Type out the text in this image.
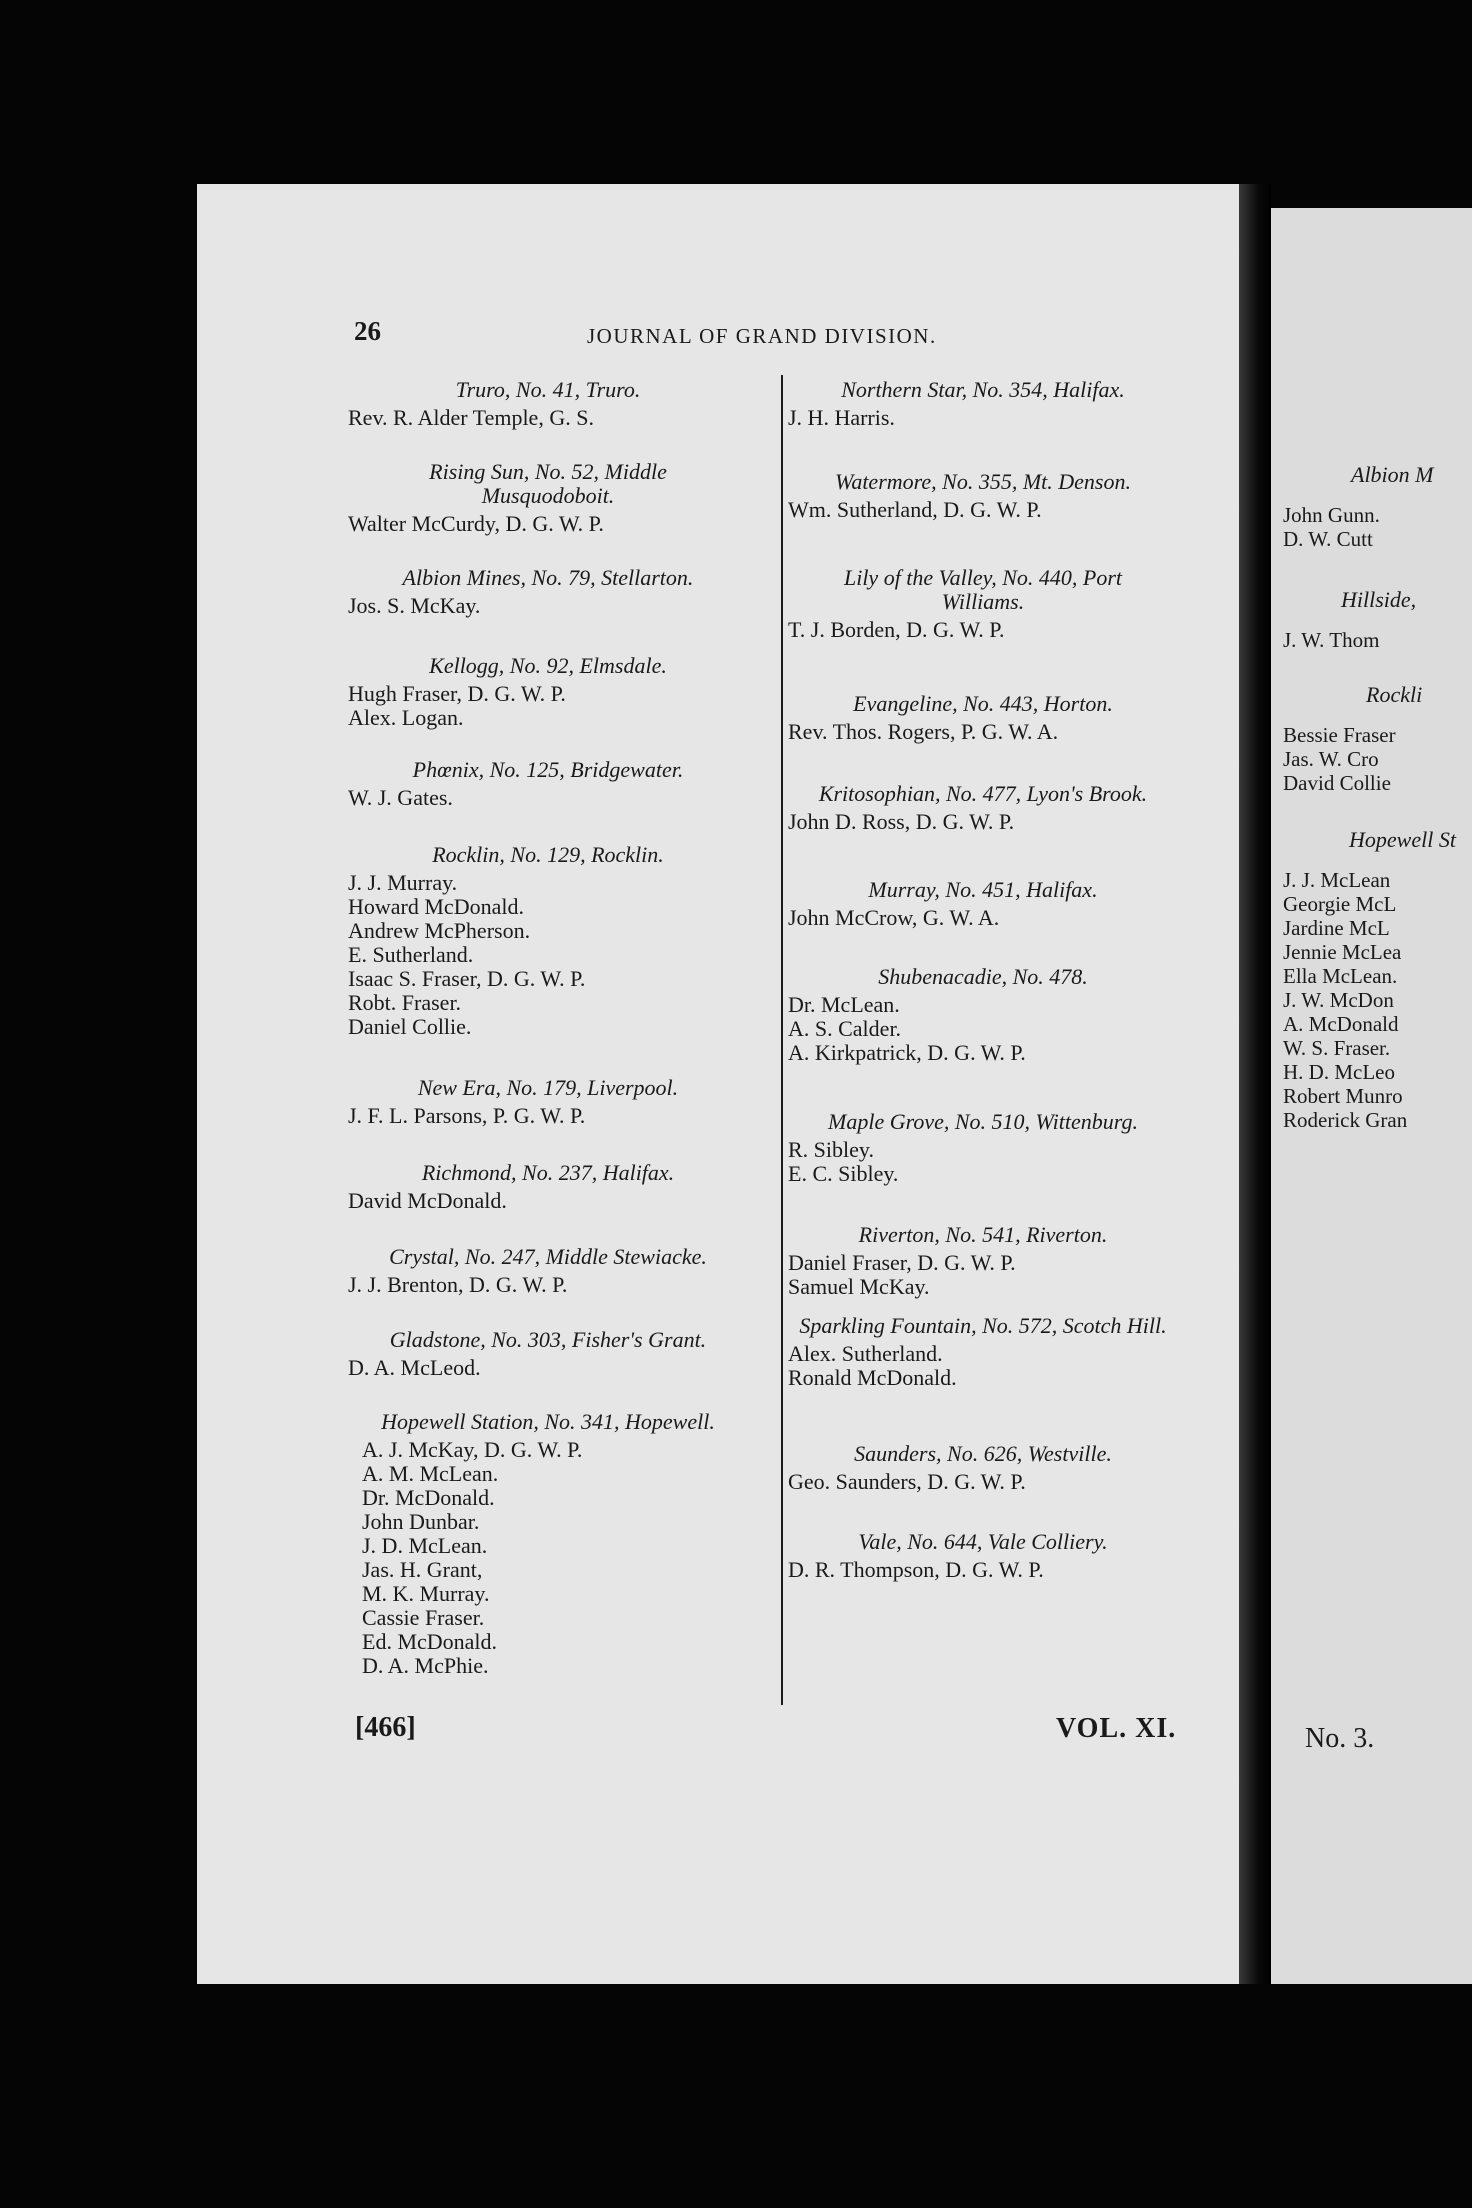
26	JOURNAL OF GRAND DIVISION.
Truro, No. 41, Truro.
Rev. R. Alder Temple, G. S.
Rising Sun, No. 52, Middle Musquodoboit.
Walter McCurdy, D. G. W. P.
Albion Mines, No. 79, Stellarton.
Jos. S. McKay.
Kellogg, No. 92, Elmsdale.
Hugh Fraser, D. G. W. P.
Alex. Logan.
Phœnix, No. 125, Bridgewater.
W. J. Gates.
Rocklin, No. 129, Rocklin.
J. J. Murray.
Howard McDonald.
Andrew McPherson.
E. Sutherland.
Isaac S. Fraser, D. G. W. P.
Robt. Fraser.
Daniel Collie.
New Era, No. 179, Liverpool.
J. F. L. Parsons, P. G. W. P.
Richmond, No. 237, Halifax.
David McDonald.
Crystal, No. 247, Middle Stewiacke.
J. J. Brenton, D. G. W. P.
Gladstone, No. 303, Fisher's Grant.
D. A. McLeod.
Hopewell Station, No. 341, Hopewell.
A. J. McKay, D. G. W. P.
A. M. McLean.
Dr. McDonald.
John Dunbar.
J. D. McLean.
Jas. H. Grant,
M. K. Murray.
Cassie Fraser.
Ed. McDonald.
D. A. McPhie.
Northern Star, No. 354, Halifax.
J. H. Harris.
Watermore, No. 355, Mt. Denson.
Wm. Sutherland, D. G. W. P.
Lily of the Valley, No. 440, Port Williams.
T. J. Borden, D. G. W. P.
Evangeline, No. 443, Horton.
Rev. Thos. Rogers, P. G. W. A.
Kritosophian, No. 477, Lyon's Brook.
John D. Ross, D. G. W. P.
Murray, No. 451, Halifax.
John McCrow, G. W. A.
Shubenacadie, No. 478.
Dr. McLean.
A. S. Calder.
A. Kirkpatrick, D. G. W. P.
Maple Grove, No. 510, Wittenburg.
R. Sibley.
E. C. Sibley.
Riverton, No. 541, Riverton.
Daniel Fraser, D. G. W. P.
Samuel McKay.
Sparkling Fountain, No. 572, Scotch Hill.
Alex. Sutherland.
Ronald McDonald.
Saunders, No. 626, Westville.
Geo. Saunders, D. G. W. P.
Vale, No. 644, Vale Colliery.
D. R. Thompson, D. G. W. P.
[466]	VOL. XI.
Albion M
John Gunn.
D. W. Cutt
Hillside,
J. W. Thom
Rockli
Bessie Fraser
Jas. W. Cro
David Collie
Hopewell St
J. J. McLean
Georgie McL
Jardine McL
Jennie McLea
Ella McLean.
J. W. McDon
A. McDonald
W. S. Fraser.
H. D. McLeo
Robert Munro
Roderick Gran
No. 3.
